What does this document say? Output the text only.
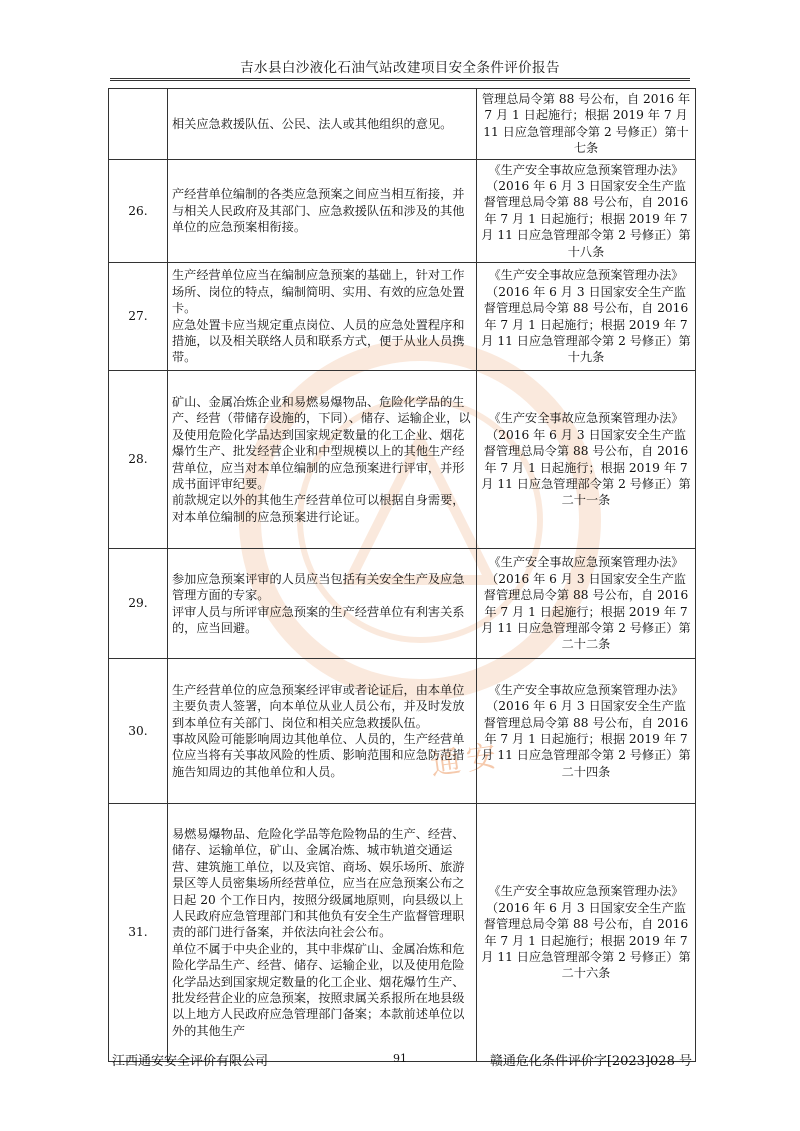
吉水县白沙液化石油气站改建项目安全条件评价报告
通安

	相关应急救援队伍、公民、法人或其他组织的意见。	管理总局令第 88 号公布，自 2016 年 7 月 1 日起施行；根据 2019 年 7 月 11 日应急管理部令第 2 号修正）第十七条
26.	产经营单位编制的各类应急预案之间应当相互衔接，并与相关人民政府及其部门、应急救援队伍和涉及的其他单位的应急预案相衔接。	《生产安全事故应急预案管理办法》（2016 年 6 月 3 日国家安全生产监督管理总局令第 88 号公布，自 2016 年 7 月 1 日起施行；根据 2019 年 7 月 11 日应急管理部令第 2 号修正）第十八条
27.	生产经营单位应当在编制应急预案的基础上，针对工作场所、岗位的特点，编制简明、实用、有效的应急处置卡。

应急处置卡应当规定重点岗位、人员的应急处置程序和措施，以及相关联络人员和联系方式，便于从业人员携带。	《生产安全事故应急预案管理办法》（2016 年 6 月 3 日国家安全生产监督管理总局令第 88 号公布，自 2016 年 7 月 1 日起施行；根据 2019 年 7 月 11 日应急管理部令第 2 号修正）第十九条
28.	矿山、金属冶炼企业和易燃易爆物品、危险化学品的生产、经营（带储存设施的，下同）、储存、运输企业，以及使用危险化学品达到国家规定数量的化工企业、烟花爆竹生产、批发经营企业和中型规模以上的其他生产经营单位，应当对本单位编制的应急预案进行评审，并形成书面评审纪要。

前款规定以外的其他生产经营单位可以根据自身需要，对本单位编制的应急预案进行论证。	《生产安全事故应急预案管理办法》（2016 年 6 月 3 日国家安全生产监督管理总局令第 88 号公布，自 2016 年 7 月 1 日起施行；根据 2019 年 7 月 11 日应急管理部令第 2 号修正）第二十一条
29.	参加应急预案评审的人员应当包括有关安全生产及应急管理方面的专家。

评审人员与所评审应急预案的生产经营单位有利害关系的，应当回避。	《生产安全事故应急预案管理办法》（2016 年 6 月 3 日国家安全生产监督管理总局令第 88 号公布，自 2016 年 7 月 1 日起施行；根据 2019 年 7 月 11 日应急管理部令第 2 号修正）第二十二条
30.	生产经营单位的应急预案经评审或者论证后，由本单位主要负责人签署，向本单位从业人员公布，并及时发放到本单位有关部门、岗位和相关应急救援队伍。

事故风险可能影响周边其他单位、人员的，生产经营单位应当将有关事故风险的性质、影响范围和应急防范措施告知周边的其他单位和人员。	《生产安全事故应急预案管理办法》（2016 年 6 月 3 日国家安全生产监督管理总局令第 88 号公布，自 2016 年 7 月 1 日起施行；根据 2019 年 7 月 11 日应急管理部令第 2 号修正）第二十四条
31.	易燃易爆物品、危险化学品等危险物品的生产、经营、储存、运输单位，矿山、金属冶炼、城市轨道交通运营、建筑施工单位，以及宾馆、商场、娱乐场所、旅游景区等人员密集场所经营单位，应当在应急预案公布之日起 20 个工作日内，按照分级属地原则，向县级以上人民政府应急管理部门和其他负有安全生产监督管理职责的部门进行备案，并依法向社会公布。

单位不属于中央企业的，其中非煤矿山、金属冶炼和危险化学品生产、经营、储存、运输企业，以及使用危险化学品达到国家规定数量的化工企业、烟花爆竹生产、批发经营企业的应急预案，按照隶属关系报所在地县级以上地方人民政府应急管理部门备案；本款前述单位以外的其他生产	《生产安全事故应急预案管理办法》（2016 年 6 月 3 日国家安全生产监督管理总局令第 88 号公布，自 2016 年 7 月 1 日起施行；根据 2019 年 7 月 11 日应急管理部令第 2 号修正）第二十六条
江西通安安全评价有限公司	91	赣通危化条件评价字[2023]028 号
